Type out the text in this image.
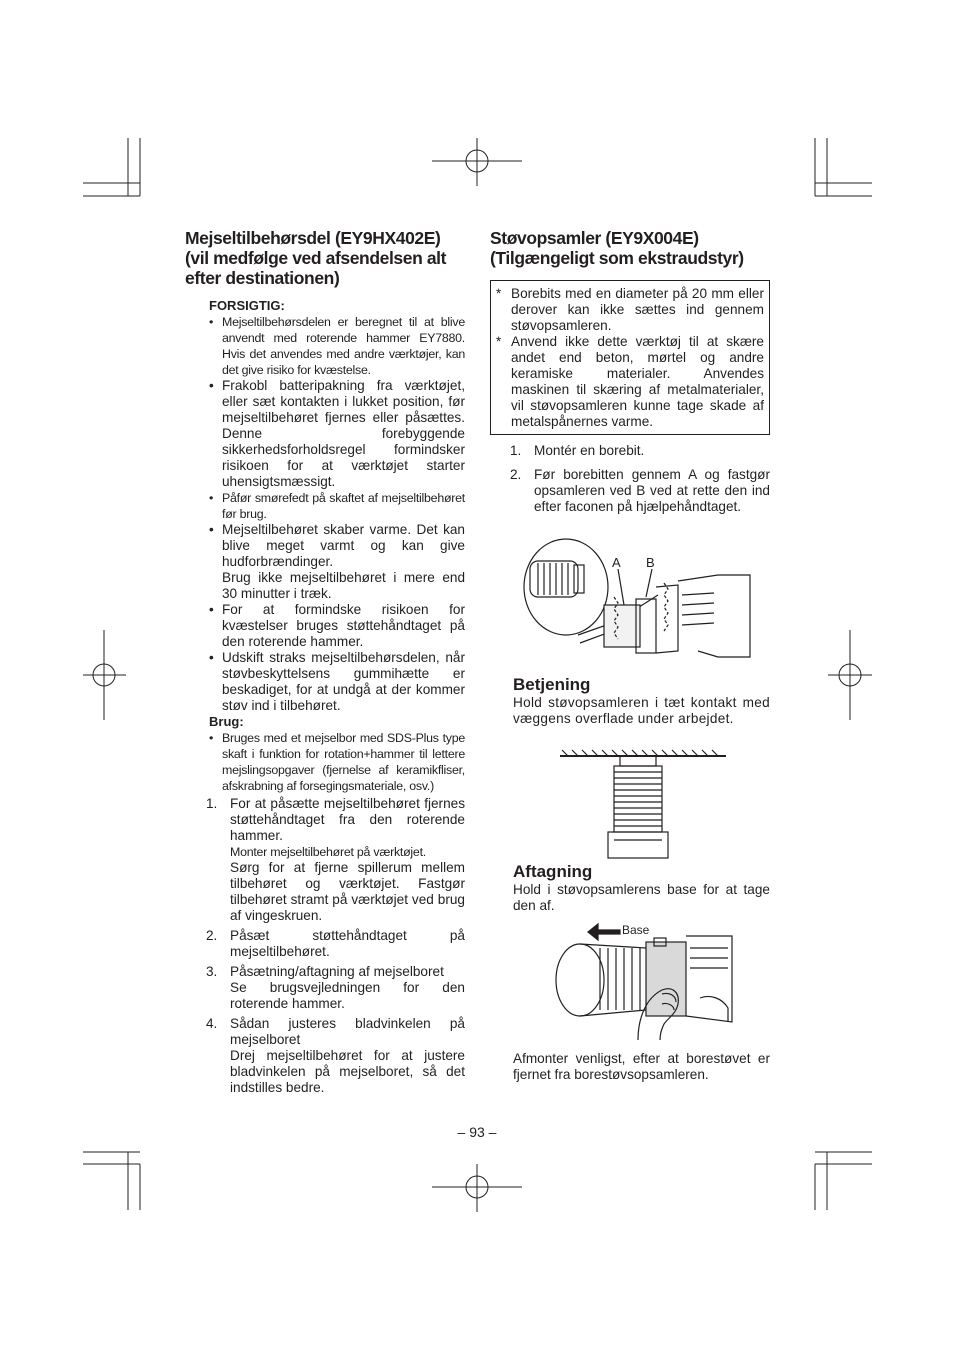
Mejseltilbehørsdel (EY9HX402E) (vil medfølge ved afsendelsen alt efter destinationen)
FORSIGTIG:
• Mejseltilbehørsdelen er beregnet til at blive anvendt med roterende hammer EY7880. Hvis det anvendes med andre værktøjer, kan det give risiko for kvæstelse.
• Frakobl batteripakning fra værktøjet, eller sæt kontakten i lukket position, før mejseltilbehøret fjernes eller påsættes. Denne forebyggende sikkerhedsforholdsregel formindsker risikoen for at værktøjet starter uhensigtsmæssigt.
• Påfør smørefedt på skaftet af mejseltilbehøret før brug.
• Mejseltilbehøret skaber varme. Det kan blive meget varmt og kan give hudforbrændinger.
Brug ikke mejseltilbehøret i mere end 30 minutter i træk.
• For at formindske risikoen for kvæstelser bruges støttehåndtaget på den roterende hammer.
• Udskift straks mejseltilbehørsdelen, når støvbeskyttelsens gummihætte er beskadiget, for at undgå at der kommer støv ind i tilbehøret.
Brug:
• Bruges med et mejselbor med SDS-Plus type skaft i funktion for rotation+hammer til lettere mejslingsopgaver (fjernelse af keramikfliser, afskrabning af forsegingsmateriale, osv.)
1. For at påsætte mejseltilbehøret fjernes støttehåndtaget fra den roterende hammer.
Monter mejseltilbehøret på værktøjet.
Sørg for at fjerne spillerum mellem tilbehøret og værktøjet. Fastgør tilbehøret stramt på værktøjet ved brug af vingeskruen.
2. Påsæt støttehåndtaget på mejseltilbehøret.
3. Påsætning/aftagning af mejselboret
Se brugsvejledningen for den roterende hammer.
4. Sådan justeres bladvinkelen på mejselboret
Drej mejseltilbehøret for at justere bladvinkelen på mejselboret, så det indstilles bedre.
Støvopsamler (EY9X004E) (Tilgængeligt som ekstraudstyr)
* Borebits med en diameter på 20 mm eller derover kan ikke sættes ind gennem støvopsamleren.
* Anvend ikke dette værktøj til at skære andet end beton, mørtel og andre keramiske materialer. Anvendes maskinen til skæring af metalmaterialer, vil støvopsamleren kunne tage skade af metalspånernes varme.
1. Montér en borebit.
2. Før borebitten gennem A og fastgør opsamleren ved B ved at rette den ind efter faconen på hjælpehåndtaget.
A B
Betjening
Hold støvopsamleren i tæt kontakt med væggens overflade under arbejdet.
Aftagning
Hold i støvopsamlerens base for at tage den af.
Base
Afmonter venligst, efter at borestøvet er fjernet fra borestøvsopsamleren.
– 93 –
